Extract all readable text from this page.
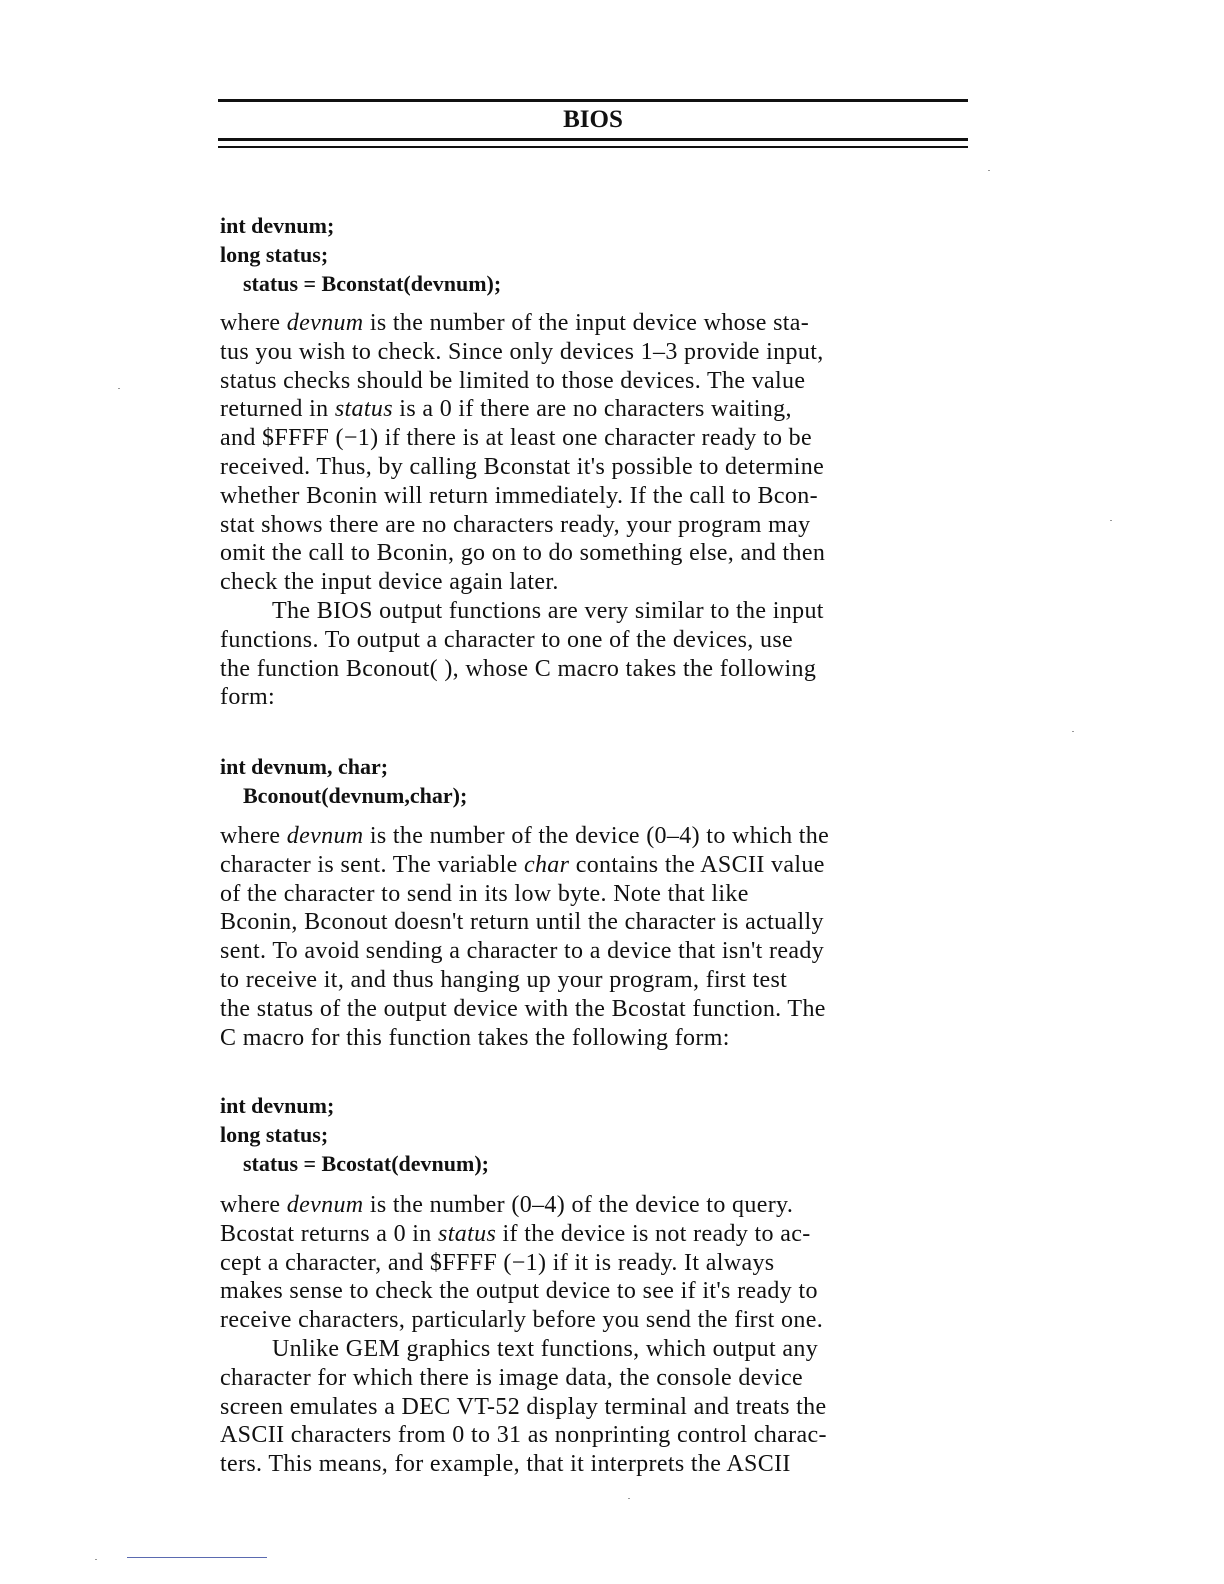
BIOS
int devnum;
long status;
status = Bconstat(devnum);
where devnum is the number of the input device whose sta-
tus you wish to check. Since only devices 1–3 provide input,
status checks should be limited to those devices. The value
returned in status is a 0 if there are no characters waiting,
and $FFFF (−1) if there is at least one character ready to be
received. Thus, by calling Bconstat it's possible to determine
whether Bconin will return immediately. If the call to Bcon-
stat shows there are no characters ready, your program may
omit the call to Bconin, go on to do something else, and then
check the input device again later.
The BIOS output functions are very similar to the input
functions. To output a character to one of the devices, use
the function Bconout( ), whose C macro takes the following
form:
int devnum, char;
Bconout(devnum,char);
where devnum is the number of the device (0–4) to which the
character is sent. The variable char contains the ASCII value
of the character to send in its low byte. Note that like
Bconin, Bconout doesn't return until the character is actually
sent. To avoid sending a character to a device that isn't ready
to receive it, and thus hanging up your program, first test
the status of the output device with the Bcostat function. The
C macro for this function takes the following form:
int devnum;
long status;
status = Bcostat(devnum);
where devnum is the number (0–4) of the device to query.
Bcostat returns a 0 in status if the device is not ready to ac-
cept a character, and $FFFF (−1) if it is ready. It always
makes sense to check the output device to see if it's ready to
receive characters, particularly before you send the first one.
Unlike GEM graphics text functions, which output any
character for which there is image data, the console device
screen emulates a DEC VT-52 display terminal and treats the
ASCII characters from 0 to 31 as nonprinting control charac-
ters. This means, for example, that it interprets the ASCII
